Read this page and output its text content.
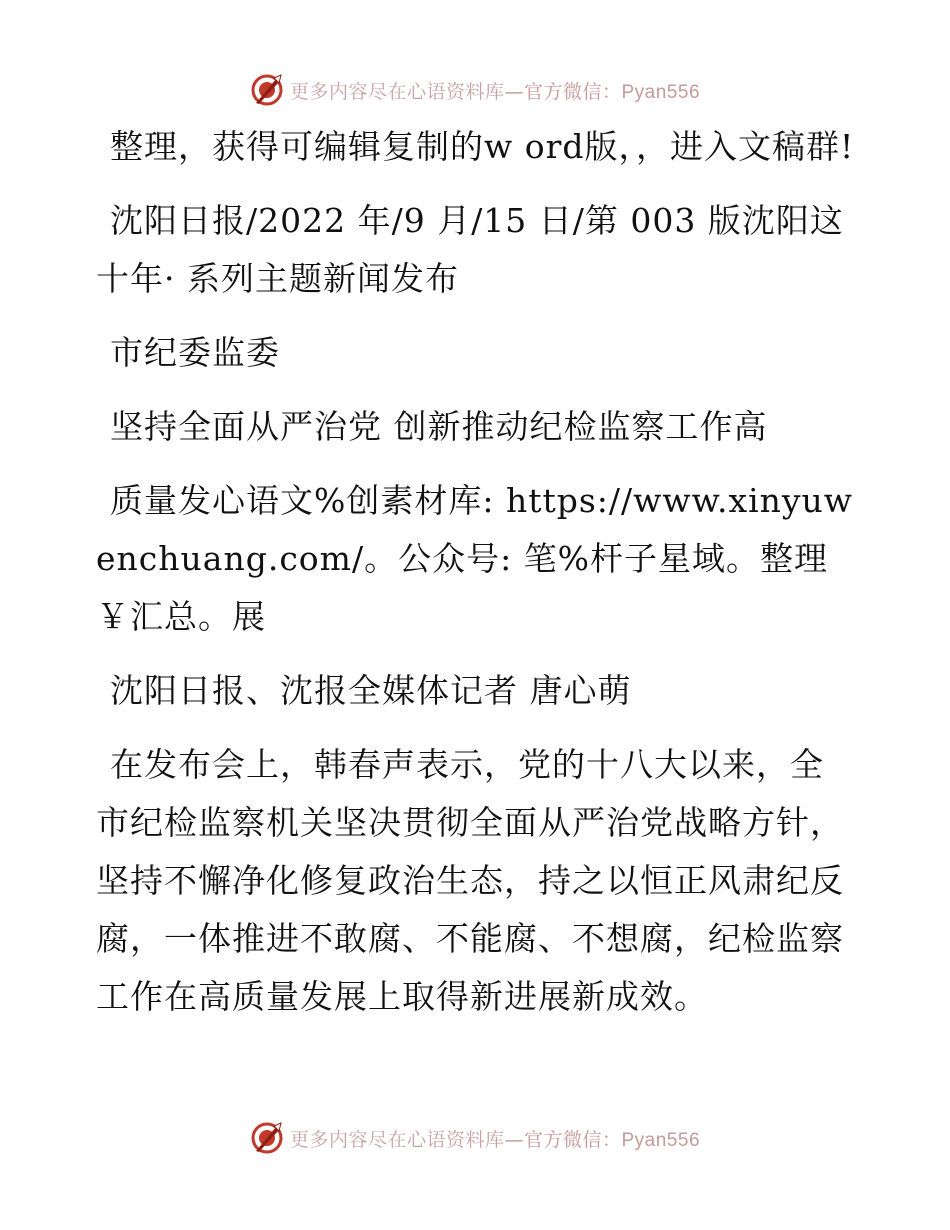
更多内容尽在心语资料库—官方微信：Pyan556

整理，获得可编辑复制的w ord版，，进入文稿群!

沈阳日报/2022 年/9 月/15 日/第 003 版沈阳这十年· 系列主题新闻发布

市纪委监委

坚持全面从严治党 创新推动纪检监察工作高

质量发心语文%创素材库: https://www.xinyuwenchuang.com/。公众号: 笔%杆子星域。整理￥汇总。展

沈阳日报、沈报全媒体记者 唐心萌

在发布会上，韩春声表示，党的十八大以来，全市纪检监察机关坚决贯彻全面从严治党战略方针，坚持不懈净化修复政治生态，持之以恒正风肃纪反腐，一体推进不敢腐、不能腐、不想腐，纪检监察工作在高质量发展上取得新进展新成效。

更多内容尽在心语资料库—官方微信：Pyan556
